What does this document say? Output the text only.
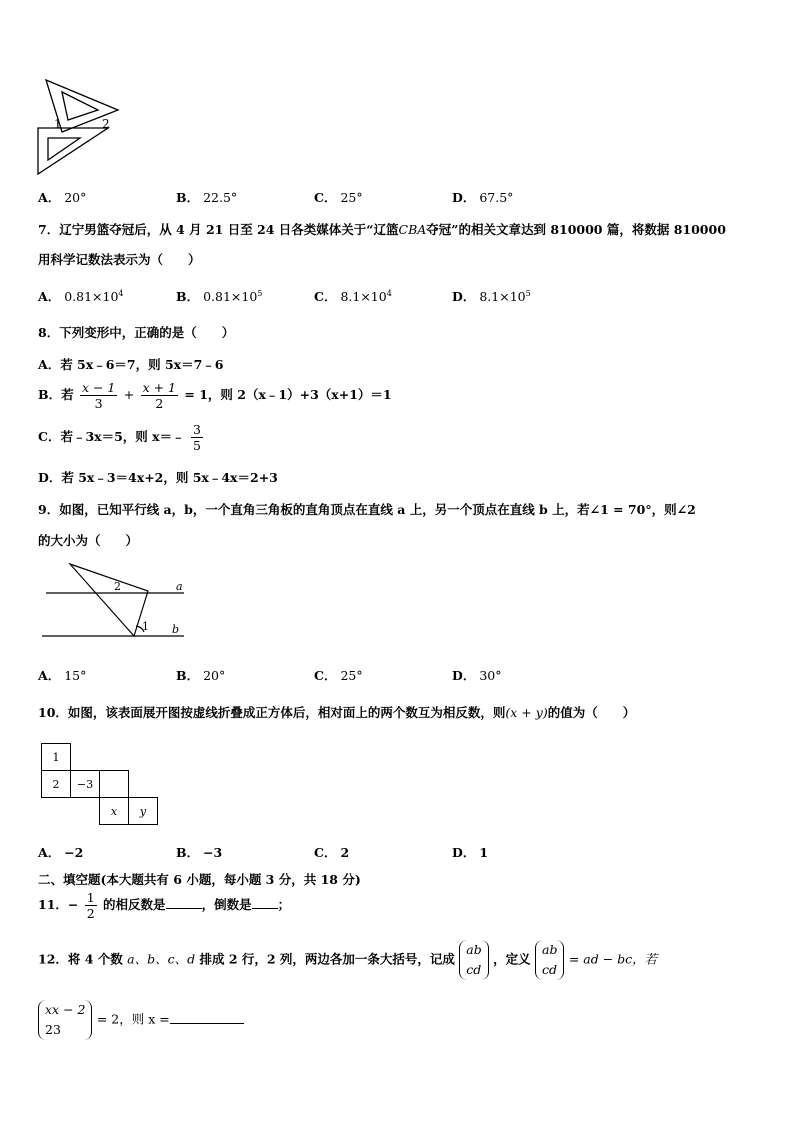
1	2
A． 20°	B． 22.5°	C． 25°	D． 67.5°
7．辽宁男篮夺冠后，从 4 月 21 日至 24 日各类媒体关于“辽篮CBA夺冠”的相关文章达到 810000 篇，将数据 810000
用科学记数法表示为（　　）
A． $0.81\times 10^4$	B． $0.81\times 10^5$	C． $8.1\times 10^4$	D． $8.1\times 10^5$
8．下列变形中，正确的是（　　）
A．若 5x﹣6＝7，则 5x＝7﹣6
B．若 $\frac{x - 1}{3} + \frac{x + 1}{2} = 1$，则 2（x﹣1）+3（x+1）＝1
C．若﹣3x＝5，则 x＝﹣ $\frac{3}{5}$
D．若 5x﹣3＝4x+2，则 5x﹣4x＝2+3
9．如图，已知平行线 a，b，一个直角三角板的直角顶点在直线 a 上，另一个顶点在直线 b 上，若∠1 = 70°，则∠2
的大小为（　　）
a
b
1
2
A． 15°	B． 20°	C． 25°	D． 30°
10．如图，该表面展开图按虚线折叠成正方体后，相对面上的两个数互为相反数，则(x + y)的值为（　　）
1			
2	−3		
		x	y
A． −2	B． −3	C． 2	D． 1
二、填空题(本大题共有 6 小题，每小题 3 分，共 18 分)
11．− $\frac{1}{2}$ 的相反数是	，倒数是 ；
12．将 4 个数 a、b、c、d 排成 2 行，2 列，两边各加一条大括号，记成
ab
cd
，定义
ab
cd
= ad − bc，若
xx − 2
23
= 2，则 x =
